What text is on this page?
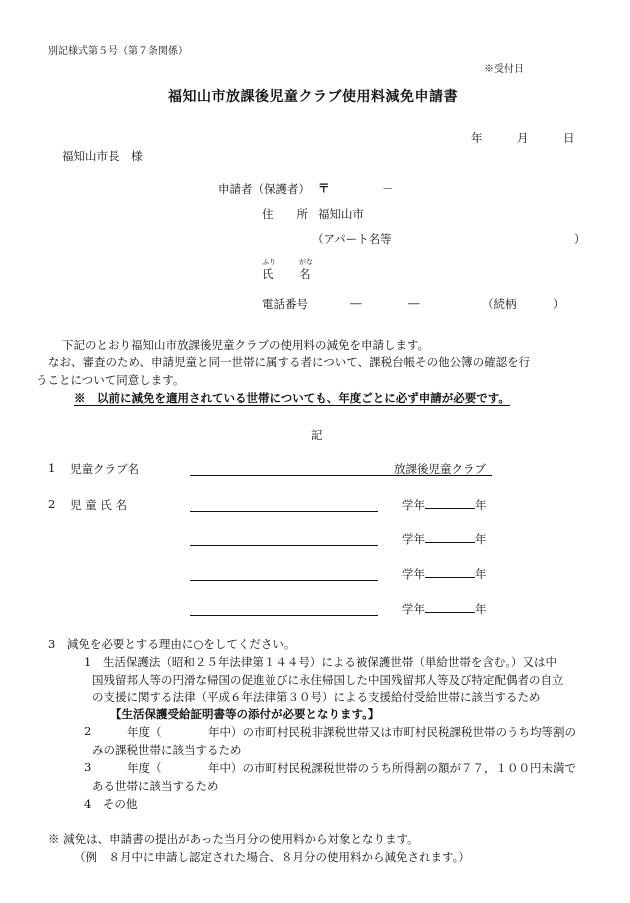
別記様式第５号（第７条関係）
※受付日
福知山市放課後児童クラブ使用料減免申請書
年	月	日
福知山市長　様
申請者（保護者） 〒	－
住　　所 福知山市
（アパート名等	）
ふり	がな
氏 名
電話番号	―	―	（続柄	）
下記のとおり福知山市放課後児童クラブの使用料の減免を申請します。
なお、審査のため、申請児童と同一世帯に属する者について、課税台帳その他公簿の確認を行
うことについて同意します。
※　以前に減免を適用されている世帯についても、年度ごとに必ず申請が必要です。
記
1 児童クラブ名	放課後児童クラブ
2 児 童 氏 名	学年	年
学年	年
学年	年
学年	年
3　減免を必要とする理由に○をしてください。
1　生活保護法（昭和２５年法律第１４４号）による被保護世帯（単給世帯を含む。）又は中
国残留邦人等の円滑な帰国の促進並びに永住帰国した中国残留邦人等及び特定配偶者の自立
の支援に関する法律（平成６年法律第３０号）による支援給付受給世帯に該当するため
【生活保護受給証明書等の添付が必要となります。】
2	年度（	年中）の市町村民税非課税世帯又は市町村民税課税世帯のうち均等割の
みの課税世帯に該当するため
3	年度（	年中）の市町村民税課税世帯のうち所得割の額が７７，１００円未満で
ある世帯に該当するため
4　その他
※ 減免は、申請書の提出があった当月分の使用料から対象となります。
（例　８月中に申請し認定された場合、８月分の使用料から減免されます。）
